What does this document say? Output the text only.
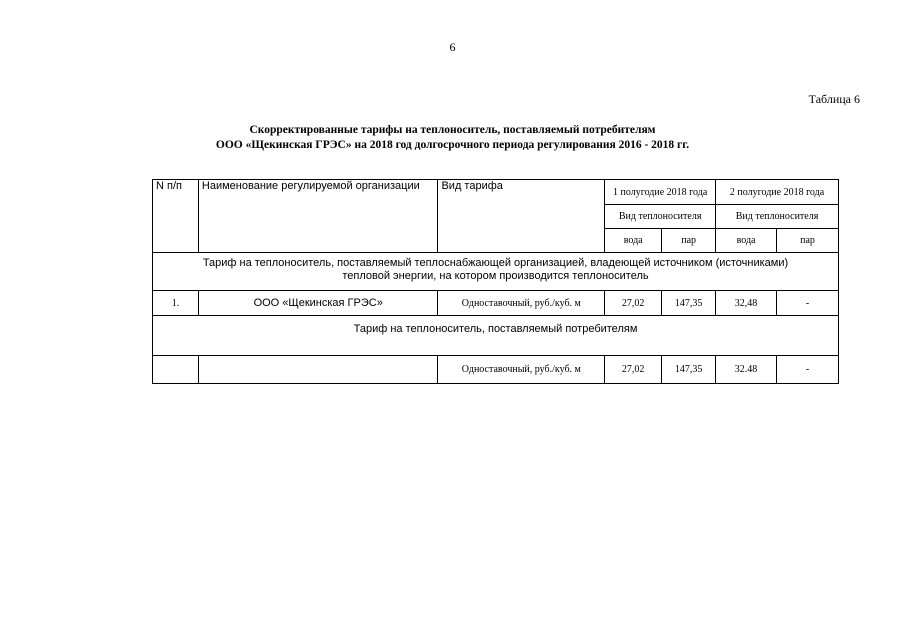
6
Таблица 6
Скорректированные тарифы на теплоноситель, поставляемый потребителям
ООО «Щекинская ГРЭС» на 2018 год долгосрочного периода регулирования 2016 - 2018 гг.
N п/п	Наименование регулируемой организации	Вид тарифа	1 полугодие 2018 года		2 полугодие 2018 года	
			Вид теплоносителя		Вид теплоносителя	
			вода	пар	вода	пар
Тариф на теплоноситель, поставляемый теплоснабжающей организацией, владеющей источником (источниками) тепловой энергии, на котором производится теплоноситель						
1.	ООО «Щекинская ГРЭС»	Одноставочный, руб./куб. м	27,02	147,35	32,48	-
Тариф на теплоноситель, поставляемый потребителям						
		Одноставочный, руб./куб. м	27,02	147,35	32.48	-
